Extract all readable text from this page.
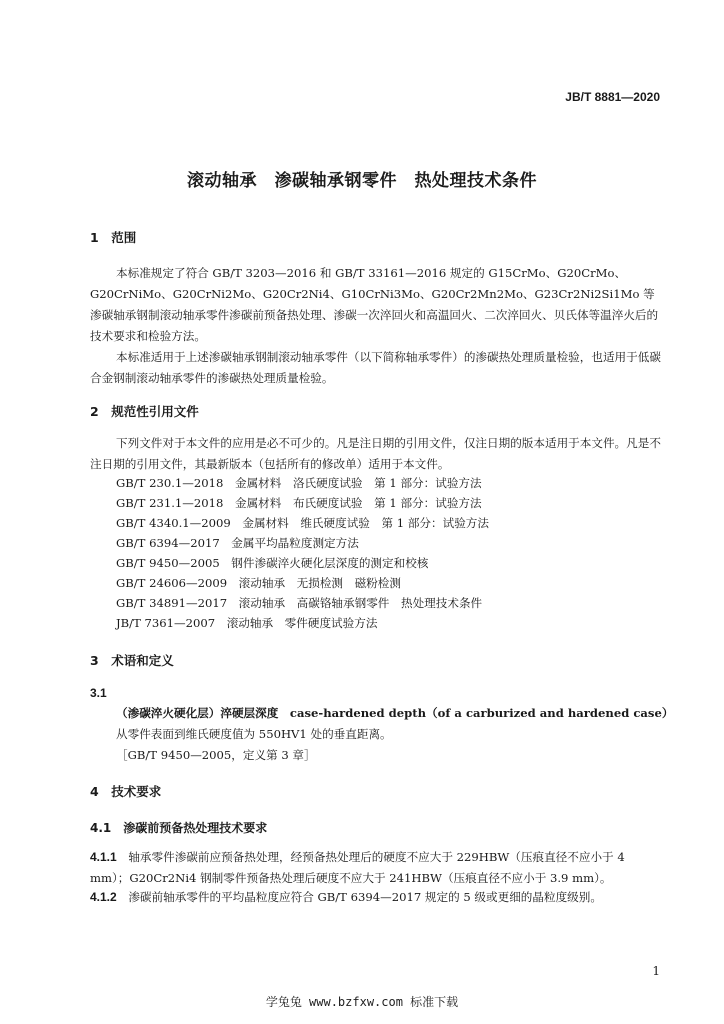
JB/T 8881—2020
滚动轴承　渗碳轴承钢零件　热处理技术条件
1　范围

本标准规定了符合 GB/T 3203—2016 和 GB/T 33161—2016 规定的 G15CrMo、G20CrMo、G20CrNiMo、G20CrNi2Mo、G20Cr2Ni4、G10CrNi3Mo、G20Cr2Mn2Mo、G23Cr2Ni2Si1Mo 等渗碳轴承钢制滚动轴承零件渗碳前预备热处理、渗碳一次淬回火和高温回火、二次淬回火、贝氏体等温淬火后的技术要求和检验方法。

本标准适用于上述渗碳轴承钢制滚动轴承零件（以下简称轴承零件）的渗碳热处理质量检验，也适用于低碳合金钢制滚动轴承零件的渗碳热处理质量检验。

2　规范性引用文件

下列文件对于本文件的应用是必不可少的。凡是注日期的引用文件，仅注日期的版本适用于本文件。凡是不注日期的引用文件，其最新版本（包括所有的修改单）适用于本文件。

GB/T 230.1—2018　金属材料　洛氏硬度试验　第 1 部分：试验方法
GB/T 231.1—2018　金属材料　布氏硬度试验　第 1 部分：试验方法
GB/T 4340.1—2009　金属材料　维氏硬度试验　第 1 部分：试验方法
GB/T 6394—2017　金属平均晶粒度测定方法
GB/T 9450—2005　钢件渗碳淬火硬化层深度的测定和校核
GB/T 24606—2009　滚动轴承　无损检测　磁粉检测
GB/T 34891—2017　滚动轴承　高碳铬轴承钢零件　热处理技术条件
JB/T 7361—2007　滚动轴承　零件硬度试验方法
3　术语和定义
3.1
（渗碳淬火硬化层）淬硬层深度　case-hardened depth（of a carburized and hardened case）
从零件表面到维氏硬度值为 550HV1 处的垂直距离。
［GB/T 9450—2005，定义第 3 章］
4　技术要求
4.1　渗碳前预备热处理技术要求

4.1.1　 轴承零件渗碳前应预备热处理，经预备热处理后的硬度不应大于 229HBW（压痕直径不应小于 4 mm）；G20Cr2Ni4 钢制零件预备热处理后硬度不应大于 241HBW（压痕直径不应小于 3.9 mm）。

4.1.2　 渗碳前轴承零件的平均晶粒度应符合 GB/T 6394—2017 规定的 5 级或更细的晶粒度级别。

1
学兔兔 www.bzfxw.com 标准下载
